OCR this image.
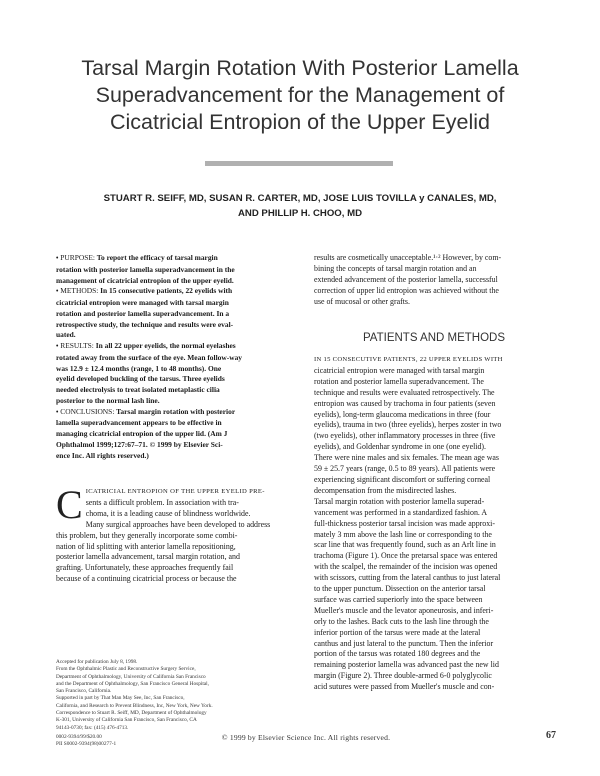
Tarsal Margin Rotation With Posterior Lamella
Superadvancement for the Management of
Cicatricial Entropion of the Upper Eyelid
STUART R. SEIFF, MD, SUSAN R. CARTER, MD, JOSE LUIS TOVILLA y CANALES, MD,
AND PHILLIP H. CHOO, MD
• PURPOSE: To report the efficacy of tarsal margin
rotation with posterior lamella superadvancement in the
management of cicatricial entropion of the upper eyelid.
• METHODS: In 15 consecutive patients, 22 eyelids with
cicatricial entropion were managed with tarsal margin
rotation and posterior lamella superadvancement. In a
retrospective study, the technique and results were eval-
uated.
• RESULTS: In all 22 upper eyelids, the normal eyelashes
rotated away from the surface of the eye. Mean follow-way
was 12.9 ± 12.4 months (range, 1 to 48 months). One
eyelid developed buckling of the tarsus. Three eyelids
needed electrolysis to treat isolated metaplastic cilia
posterior to the normal lash line.
• CONCLUSIONS: Tarsal margin rotation with posterior
lamella superadvancement appears to be effective in
managing cicatricial entropion of the upper lid. (Am J
Ophthalmol 1999;127:67–71. © 1999 by Elsevier Sci-
ence Inc. All rights reserved.)
C ICATRICIAL ENTROPION OF THE UPPER EYELID PRE-
sents a difficult problem. In association with tra-
choma, it is a leading cause of blindness worldwide.
Many surgical approaches have been developed to address
this problem, but they generally incorporate some combi-
nation of lid splitting with anterior lamella repositioning,
posterior lamella advancement, tarsal margin rotation, and
grafting. Unfortunately, these approaches frequently fail
because of a continuing cicatricial process or because the
Accepted for publication July 8, 1998.
From the Ophthalmic Plastic and Reconstructive Surgery Service,
Department of Ophthalmology, University of California San Francisco
and the Department of Ophthalmology, San Francisco General Hospital,
San Francisco, California.
Supported in part by That Man May See, Inc, San Francisco,
California, and Research to Prevent Blindness, Inc, New York, New York.
Correspondence to Stuart R. Seiff, MD, Department of Ophthalmology
K-301, University of California San Francisco, San Francisco, CA
94143-0730; fax: (415) 476-4713.
results are cosmetically unacceptable.¹·² However, by com-
bining the concepts of tarsal margin rotation and an
extended advancement of the posterior lamella, successful
correction of upper lid entropion was achieved without the
use of mucosal or other grafts.
PATIENTS AND METHODS
IN 15 CONSECUTIVE PATIENTS, 22 UPPER EYELIDS WITH
cicatricial entropion were managed with tarsal margin
rotation and posterior lamella superadvancement. The
technique and results were evaluated retrospectively. The
entropion was caused by trachoma in four patients (seven
eyelids), long-term glaucoma medications in three (four
eyelids), trauma in two (three eyelids), herpes zoster in two
(two eyelids), other inflammatory processes in three (five
eyelids), and Goldenhar syndrome in one (one eyelid).
There were nine males and six females. The mean age was
59 ± 25.7 years (range, 0.5 to 89 years). All patients were
experiencing significant discomfort or suffering corneal
decompensation from the misdirected lashes.
Tarsal margin rotation with posterior lamella superad-
vancement was performed in a standardized fashion. A
full-thickness posterior tarsal incision was made approxi-
mately 3 mm above the lash line or corresponding to the
scar line that was frequently found, such as an Arlt line in
trachoma (Figure 1). Once the pretarsal space was entered
with the scalpel, the remainder of the incision was opened
with scissors, cutting from the lateral canthus to just lateral
to the upper punctum. Dissection on the anterior tarsal
surface was carried superiorly into the space between
Mueller's muscle and the levator aponeurosis, and inferi-
orly to the lashes. Back cuts to the lash line through the
inferior portion of the tarsus were made at the lateral
canthus and just lateral to the punctum. Then the inferior
portion of the tarsus was rotated 180 degrees and the
remaining posterior lamella was advanced past the new lid
margin (Figure 2). Three double-armed 6-0 polyglycolic
acid sutures were passed from Mueller's muscle and con-
0002-9394/99/$20.00
PII S0002-9394(98)00277-1
© 1999 by Elsevier Science Inc. All rights reserved.	67
